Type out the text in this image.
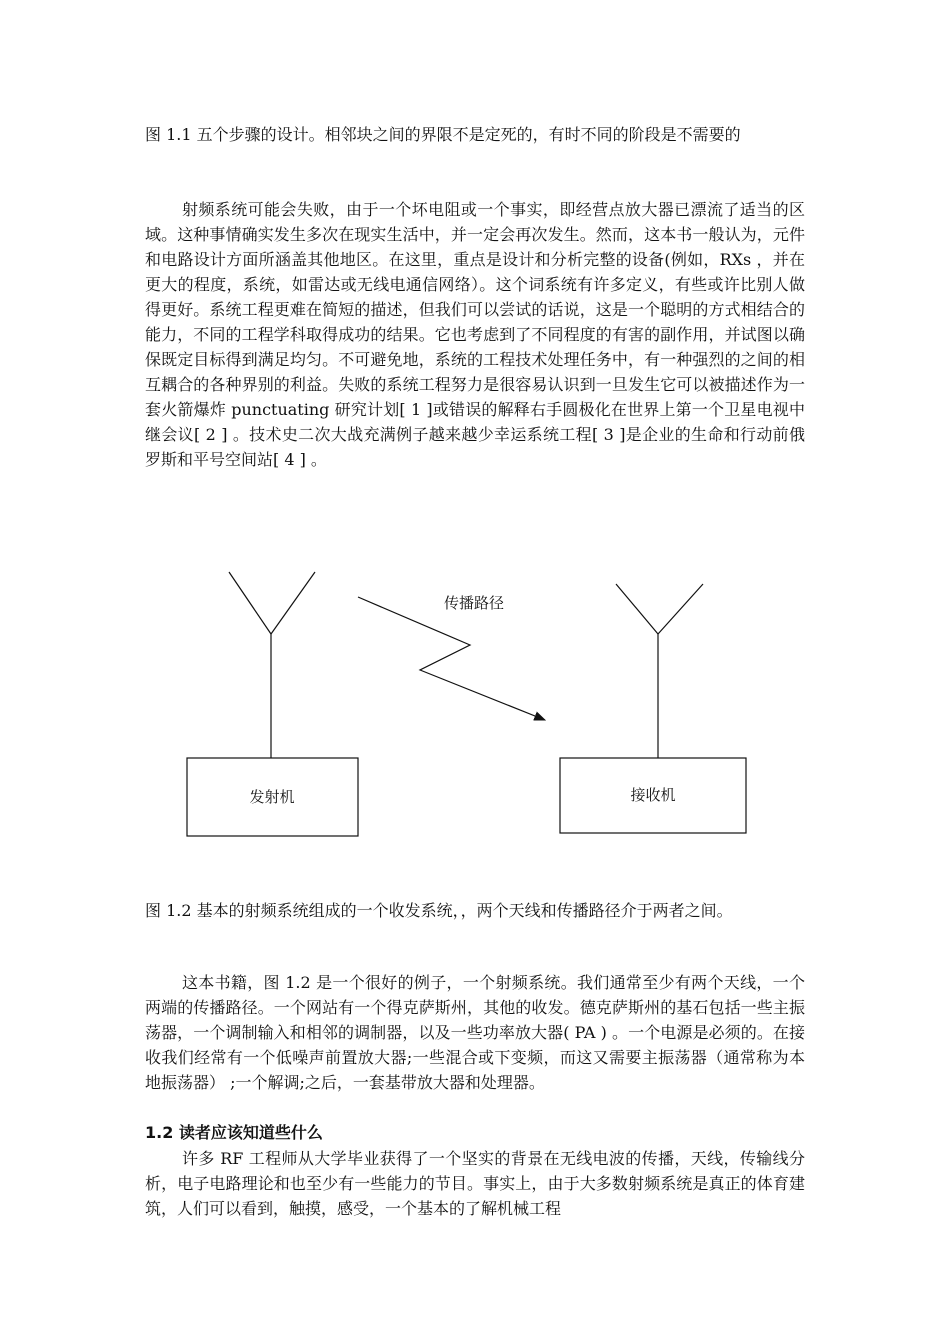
图 1.1 五个步骤的设计。相邻块之间的界限不是定死的，有时不同的阶段是不需要的

射频系统可能会失败，由于一个坏电阻或一个事实，即经营点放大器已漂流了适当的区域。这种事情确实发生多次在现实生活中，并一定会再次发生。然而，这本书一般认为，元件和电路设计方面所涵盖其他地区。在这里，重点是设计和分析完整的设备(例如，RXs ，并在更大的程度，系统，如雷达或无线电通信网络）。这个词系统有许多定义，有些或许比别人做得更好。系统工程更难在简短的描述，但我们可以尝试的话说，这是一个聪明的方式相结合的能力，不同的工程学科取得成功的结果。它也考虑到了不同程度的有害的副作用，并试图以确保既定目标得到满足均匀。不可避免地，系统的工程技术处理任务中，有一种强烈的之间的相互耦合的各种界别的利益。失败的系统工程努力是很容易认识到一旦发生它可以被描述作为一套火箭爆炸 punctuating 研究计划[ 1 ]或错误的解释右手圆极化在世界上第一个卫星电视中继会议[ 2 ] 。技术史二次大战充满例子越来越少幸运系统工程[ 3 ]是企业的生命和行动前俄罗斯和平号空间站[ 4 ] 。

发射机	接收机
传播路径

图 1.2 基本的射频系统组成的一个收发系统，，两个天线和传播路径介于两者之间。

这本书籍，图 1.2 是一个很好的例子，一个射频系统。我们通常至少有两个天线，一个两端的传播路径。一个网站有一个得克萨斯州，其他的收发。德克萨斯州的基石包括一些主振荡器，一个调制输入和相邻的调制器，以及一些功率放大器( PA ) 。一个电源是必须的。在接收我们经常有一个低噪声前置放大器;一些混合或下变频，而这又需要主振荡器（通常称为本地振荡器） ;一个解调;之后，一套基带放大器和处理器。

1.2 读者应该知道些什么

许多 RF 工程师从大学毕业获得了一个坚实的背景在无线电波的传播，天线，传输线分析，电子电路理论和也至少有一些能力的节目。事实上，由于大多数射频系统是真正的体育建筑，人们可以看到，触摸，感受，一个基本的了解机械工程
